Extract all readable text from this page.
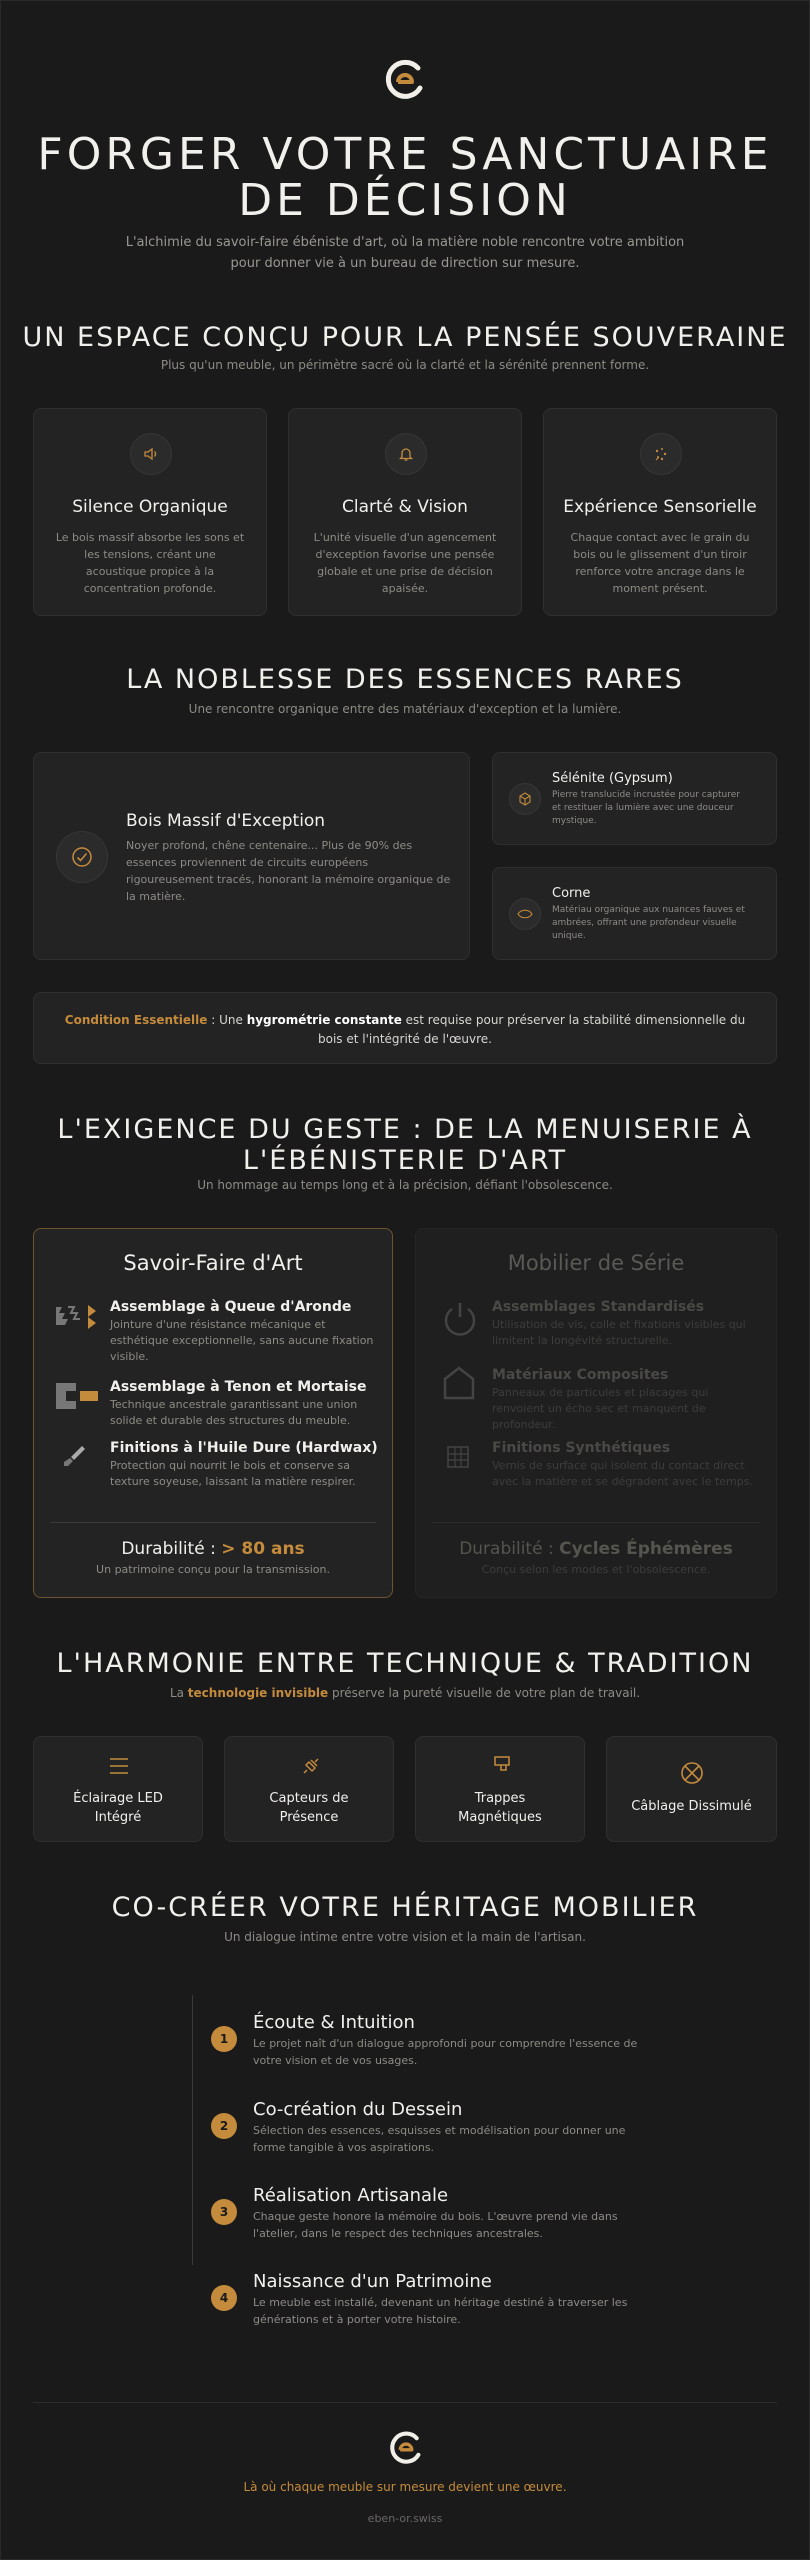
FORGER VOTRE SANCTUAIRE
DE DÉCISION
L'alchimie du savoir-faire ébéniste d'art, où la matière noble rencontre votre ambition
pour donner vie à un bureau de direction sur mesure.
UN ESPACE CONÇU POUR LA PENSÉE SOUVERAINE
Plus qu'un meuble, un périmètre sacré où la clarté et la sérénité prennent forme.
Silence Organique
Le bois massif absorbe les sons et
les tensions, créant une
acoustique propice à la
concentration profonde.
Clarté & Vision
L'unité visuelle d'un agencement
d'exception favorise une pensée
globale et une prise de décision
apaisée.
Expérience Sensorielle
Chaque contact avec le grain du
bois ou le glissement d'un tiroir
renforce votre ancrage dans le
moment présent.
LA NOBLESSE DES ESSENCES RARES
Une rencontre organique entre des matériaux d'exception et la lumière.
Bois Massif d'Exception
Noyer profond, chêne centenaire... Plus de 90% des
essences proviennent de circuits européens
rigoureusement tracés, honorant la mémoire organique de
la matière.
Sélénite (Gypsum)
Pierre translucide incrustée pour capturer
et restituer la lumière avec une douceur
mystique.
Corne
Matériau organique aux nuances fauves et
ambrées, offrant une profondeur visuelle
unique.
Condition Essentielle : Une hygrométrie constante est requise pour préserver la stabilité dimensionnelle du
bois et l'intégrité de l'œuvre.
L'EXIGENCE DU GESTE : DE LA MENUISERIE À
L'ÉBÉNISTERIE D'ART
Un hommage au temps long et à la précision, défiant l'obsolescence.
Savoir-Faire d'Art
Assemblage à Queue d'Aronde
Jointure d'une résistance mécanique et
esthétique exceptionnelle, sans aucune fixation
visible.
Assemblage à Tenon et Mortaise
Technique ancestrale garantissant une union
solide et durable des structures du meuble.
Finitions à l'Huile Dure (Hardwax)
Protection qui nourrit le bois et conserve sa
texture soyeuse, laissant la matière respirer.
Durabilité : > 80 ans
Un patrimoine conçu pour la transmission.
Mobilier de Série
Assemblages Standardisés
Utilisation de vis, colle et fixations visibles qui
limitent la longévité structurelle.
Matériaux Composites
Panneaux de particules et placages qui
renvoient un écho sec et manquent de
profondeur.
Finitions Synthétiques
Vernis de surface qui isolent du contact direct
avec la matière et se dégradent avec le temps.
Durabilité : Cycles Éphémères
Conçu selon les modes et l'obsolescence.
L'HARMONIE ENTRE TECHNIQUE & TRADITION
La technologie invisible préserve la pureté visuelle de votre plan de travail.
Éclairage LED
Intégré
Capteurs de
Présence
Trappes
Magnétiques
Câblage Dissimulé
CO-CRÉER VOTRE HÉRITAGE MOBILIER
Un dialogue intime entre votre vision et la main de l'artisan.
1
Écoute & Intuition
Le projet naît d'un dialogue approfondi pour comprendre l'essence de
votre vision et de vos usages.
2
Co-création du Dessein
Sélection des essences, esquisses et modélisation pour donner une
forme tangible à vos aspirations.
3
Réalisation Artisanale
Chaque geste honore la mémoire du bois. L'œuvre prend vie dans
l'atelier, dans le respect des techniques ancestrales.
4
Naissance d'un Patrimoine
Le meuble est installé, devenant un héritage destiné à traverser les
générations et à porter votre histoire.
Là où chaque meuble sur mesure devient une œuvre.
eben-or.swiss
